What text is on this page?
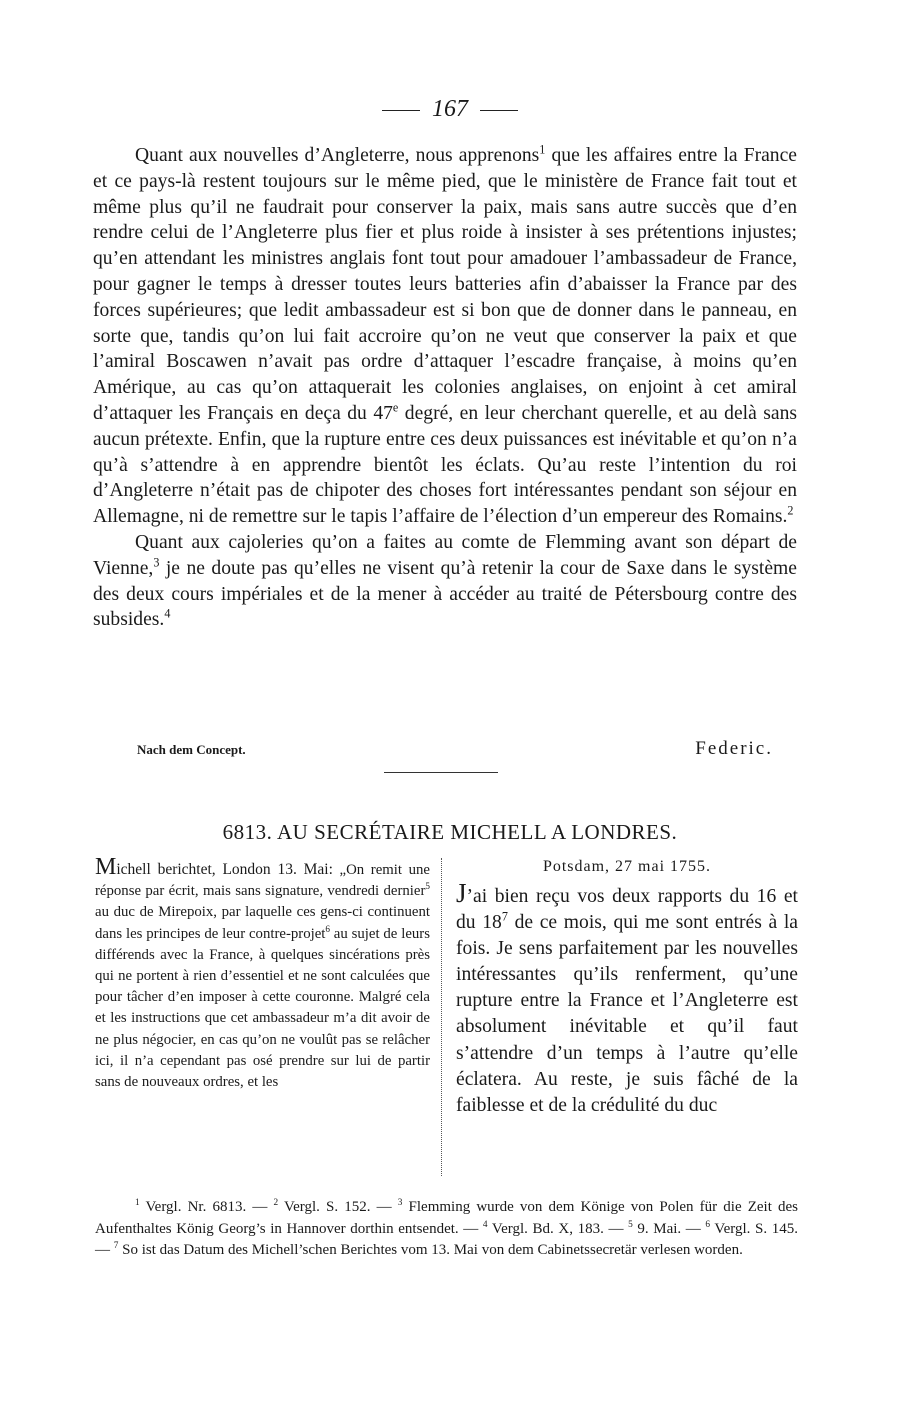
167

Quant aux nouvelles d’Angleterre, nous apprenons$^1$ que les affaires entre la France et ce pays-là restent toujours sur le même pied, que le ministère de France fait tout et même plus qu’il ne faudrait pour conserver la paix, mais sans autre succès que d’en rendre celui de l’Angleterre plus fier et plus roide à insister à ses prétentions injustes; qu’en attendant les ministres anglais font tout pour amadouer l’ambassadeur de France, pour gagner le temps à dresser toutes leurs batteries afin d’abaisser la France par des forces supérieures; que ledit ambassadeur est si bon que de donner dans le panneau, en sorte que, tandis qu’on lui fait accroire qu’on ne veut que conserver la paix et que l’amiral Boscawen n’avait pas ordre d’attaquer l’escadre française, à moins qu’en Amérique, au cas qu’on attaquerait les colonies anglaises, on enjoint à cet amiral d’attaquer les Français en deça du 47e degré, en leur cherchant querelle, et au delà sans aucun prétexte. Enfin, que la rupture entre ces deux puissances est inévitable et qu’on n’a qu’à s’attendre à en apprendre bientôt les éclats. Qu’au reste l’intention du roi d’Angleterre n’était pas de chipoter des choses fort intéressantes pendant son séjour en Allemagne, ni de remettre sur le tapis l’affaire de l’élection d’un empereur des Romains.$^2$

Quant aux cajoleries qu’on a faites au comte de Flemming avant son départ de Vienne,$^3$ je ne doute pas qu’elles ne visent qu’à retenir la cour de Saxe dans le système des deux cours impériales et de la mener à accéder au traité de Pétersbourg contre des subsides.$^4$

Nach dem Concept.	Federic.
6813. AU SECRÉTAIRE MICHELL A LONDRES.

Michell berichtet, London 13. Mai: „On remit une réponse par écrit, mais sans signature, vendredi dernier$^5$ au duc de Mirepoix, par laquelle ces gens-ci continuent dans les principes de leur contre-projet$^6$ au sujet de leurs différends avec la France, à quelques sincérations près qui ne portent à rien d’essentiel et ne sont calculées que pour tâcher d’en imposer à cette couronne. Malgré cela et les instructions que cet ambassadeur m’a dit avoir de ne plus négocier, en cas qu’on ne voulût pas se relâcher ici, il n’a cependant pas osé prendre sur lui de partir sans de nouveaux ordres, et les

Potsdam, 27 mai 1755.

J’ai bien reçu vos deux rapports du 16 et du $18^7$ de ce mois, qui me sont entrés à la fois. Je sens parfaitement par les nouvelles intéressantes qu’ils renferment, qu’une rupture entre la France et l’Angleterre est absolument inévitable et qu’il faut s’attendre d’un temps à l’autre qu’elle éclatera. Au reste, je suis fâché de la faiblesse et de la crédulité du duc

$^1$ Vergl. Nr. 6813. — $^2$ Vergl. S. 152. — $^3$ Flemming wurde von dem Könige von Polen für die Zeit des Aufenthaltes König Georg’s in Hannover dorthin entsendet. — $^4$ Vergl. Bd. X, 183. — $^5$ 9. Mai. — $^6$ Vergl. S. 145. — $^7$ So ist das Datum des Michell’schen Berichtes vom 13. Mai von dem Cabinetssecretär verlesen worden.
